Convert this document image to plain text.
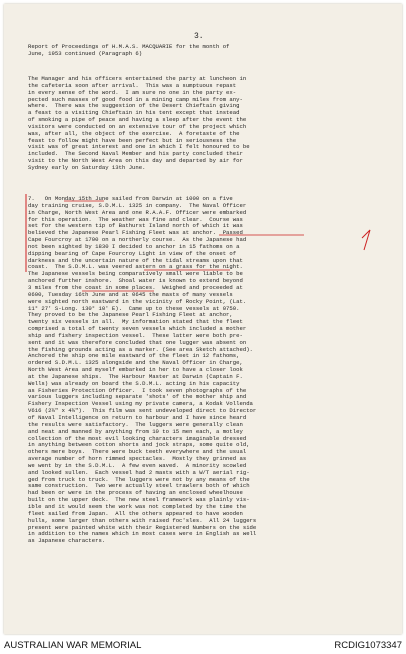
3.
Report of Proceedings of H.M.A.S. MACQUARIE for the month of
June, 1953 continued (Paragraph 6)
The Manager and his officers entertained the party at luncheon in
the cafeteria soon after arrival.  This was a sumptuous repast
in every sense of the word.  I am sure no one in the party ex-
pected such masses of good food in a mining camp miles from any-
where.  There was the suggestion of the Desert Chieftain giving
a feast to a visiting Chieftain in his tent except that instead
of smoking a pipe of peace and having a sleep after the event the
visitors were conducted on an extensive tour of the project which
was, after all, the object of the exercise.  A foretaste of the
feast to follow might have been perfect but in seriousness the
visit was of great interest and one in which I felt honoured to be
included.  The Second Naval Member and his party concluded their
visit to the North West Area on this day and departed by air for
Sydney early on Saturday 13th June.
7.   On Monday 15th June sailed from Darwin at 1000 on a five
day training cruise, S.D.M.L. 1325 in company.  The Naval Officer
in Charge, North West Area and one R.A.A.F. Officer were embarked
for this operation.  The weather was fine and clear.  Course was
set for the western tip of Bathurst Island north of which it was
believed the Japanese Pearl Fishing Fleet was at anchor.  Passed
Cape Fourcroy at 1700 on a northerly course.  As the Japanese had
not been sighted by 1830 I decided to anchor in 15 fathoms on a
dipping bearing of Cape Fourcroy Light in view of the onset of
darkness and the uncertain nature of the tidal streams upon that
coast.  The S.D.M.L. was veered astern on a grass for the night.
The Japanese vessels being comparatively small were liable to be
anchored further inshore.  Shoal water is known to extend beyond
3 miles from the coast in some places.  Weighed and proceeded at
0600, Tuesday 16th June and at 0645 the masts of many vessels
were sighted north eastward in the vicinity of Rocky Point, (Lat.
11° 27' S-Long. 130° 10' E).  Came up to these vessels at 0750.
They proved to be the Japanese Pearl Fishing Fleet at anchor,
twenty six vessels in all.  My information stated that the fleet
comprised a total of twenty seven vessels which included a mother
ship and fishery inspection vessel.  These latter were both pre-
sent and it was therefore concluded that one lugger was absent on
the fishing grounds acting as a marker. (See area Sketch attached).
Anchored the ship one mile eastward of the fleet in 12 fathoms,
ordered S.D.M.L. 1325 alongside and the Naval Officer in Charge,
North West Area and myself embarked in her to have a closer look
at the Japanese ships.  The Harbour Master at Darwin (Captain F.
Wells) was already on board the S.D.M.L. acting in his capacity
as Fisheries Protection Officer.  I took seven photographs of the
various luggers including separate 'shots' of the mother ship and
Fishery Inspection Vessel using my private camera, a Kodak Vollenda
V616 (2¼" x 4¼").  This film was sent undeveloped direct to Director
of Naval Intelligence on return to harbour and I have since heard
the results were satisfactory.  The luggers were generally clean
and neat and manned by anything from 10 to 15 men each, a motley
collection of the most evil looking characters imaginable dressed
in anything between cotton shorts and jock straps, some quite old,
others mere boys.  There were buck teeth everywhere and the usual
average number of horn rimmed spectacles.  Mostly they grinned as
we went by in the S.D.M.L.  A few even waved.  A minority scowled
and looked sullen.  Each vessel had 2 masts with a W/T aerial rig-
ged from truck to truck.  The luggers were not by any means of the
same construction.  Two were actually steel trawlers both of which
had been or were in the process of having an enclosed wheelhouse
built on the upper deck.  The new steel framework was plainly vis-
ible and it would seem the work was not completed by the time the
fleet sailed from Japan.  All the others appeared to have wooden
hulls, some larger than others with raised foc'sles.  All 24 luggers
present were painted white with their Registered Numbers on the side
in addition to the names which in most cases were in English as well
as Japanese characters.
AUSTRALIAN WAR MEMORIAL	RCDIG1073347
